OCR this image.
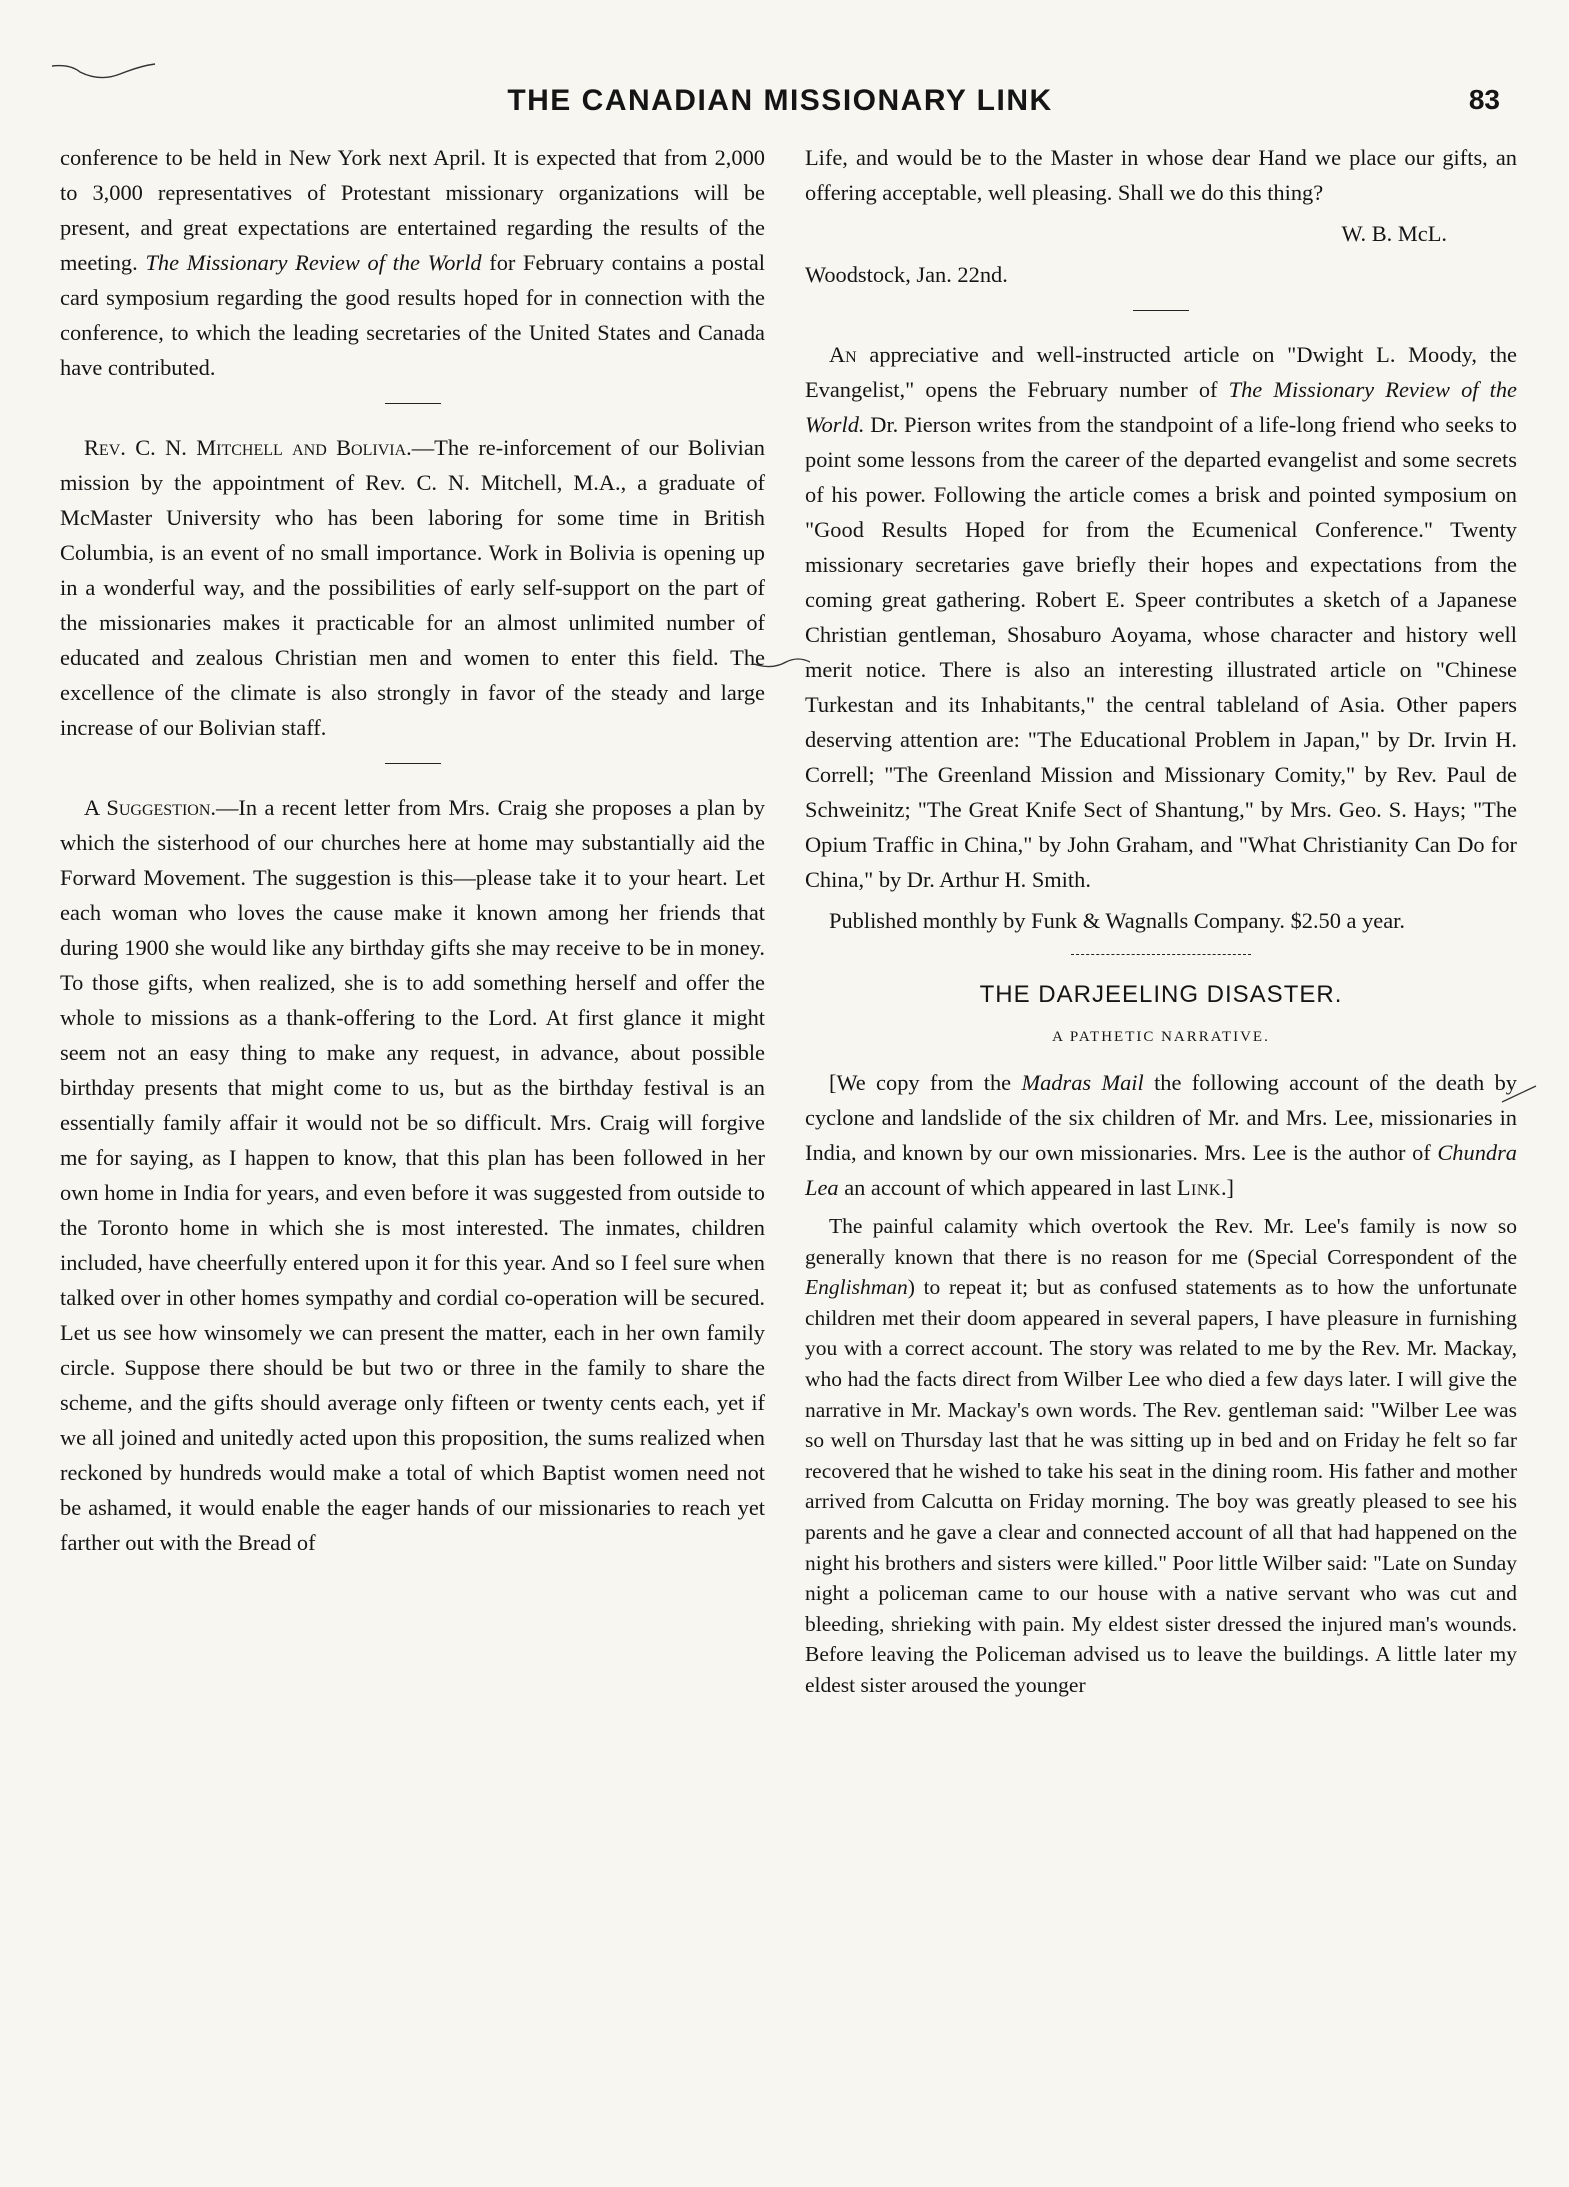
THE CANADIAN MISSIONARY LINK	83

conference to be held in New York next April. It is expected that from 2,000 to 3,000 representatives of Protestant missionary organizations will be present, and great expectations are entertained regarding the results of the meeting. The Missionary Review of the World for February contains a postal card symposium regarding the good results hoped for in connection with the conference, to which the leading secretaries of the United States and Canada have contributed.

Rev. C. N. Mitchell and Bolivia.—The re-inforcement of our Bolivian mission by the appointment of Rev. C. N. Mitchell, M.A., a graduate of McMaster University who has been laboring for some time in British Columbia, is an event of no small importance. Work in Bolivia is opening up in a wonderful way, and the possibilities of early self-support on the part of the missionaries makes it practicable for an almost unlimited number of educated and zealous Christian men and women to enter this field. The excellence of the climate is also strongly in favor of the steady and large increase of our Bolivian staff.

A Suggestion.—In a recent letter from Mrs. Craig she proposes a plan by which the sisterhood of our churches here at home may substantially aid the Forward Movement. The suggestion is this—please take it to your heart. Let each woman who loves the cause make it known among her friends that during 1900 she would like any birthday gifts she may receive to be in money. To those gifts, when realized, she is to add something herself and offer the whole to missions as a thank-offering to the Lord. At first glance it might seem not an easy thing to make any request, in advance, about possible birthday presents that might come to us, but as the birthday festival is an essentially family affair it would not be so difficult. Mrs. Craig will forgive me for saying, as I happen to know, that this plan has been followed in her own home in India for years, and even before it was suggested from outside to the Toronto home in which she is most interested. The inmates, children included, have cheerfully entered upon it for this year. And so I feel sure when talked over in other homes sympathy and cordial co-operation will be secured. Let us see how winsomely we can present the matter, each in her own family circle. Suppose there should be but two or three in the family to share the scheme, and the gifts should average only fifteen or twenty cents each, yet if we all joined and unitedly acted upon this proposition, the sums realized when reckoned by hundreds would make a total of which Baptist women need not be ashamed, it would enable the eager hands of our missionaries to reach yet farther out with the Bread of

Life, and would be to the Master in whose dear Hand we place our gifts, an offering acceptable, well pleasing. Shall we do this thing?

W. B. McL.

Woodstock, Jan. 22nd.

An appreciative and well-instructed article on "Dwight L. Moody, the Evangelist," opens the February number of The Missionary Review of the World. Dr. Pierson writes from the standpoint of a life-long friend who seeks to point some lessons from the career of the departed evangelist and some secrets of his power. Following the article comes a brisk and pointed symposium on "Good Results Hoped for from the Ecumenical Conference." Twenty missionary secretaries gave briefly their hopes and expectations from the coming great gathering. Robert E. Speer contributes a sketch of a Japanese Christian gentleman, Shosaburo Aoyama, whose character and history well merit notice. There is also an interesting illustrated article on "Chinese Turkestan and its Inhabitants," the central tableland of Asia. Other papers deserving attention are: "The Educational Problem in Japan," by Dr. Irvin H. Correll; "The Greenland Mission and Missionary Comity," by Rev. Paul de Schweinitz; "The Great Knife Sect of Shantung," by Mrs. Geo. S. Hays; "The Opium Traffic in China," by John Graham, and "What Christianity Can Do for China," by Dr. Arthur H. Smith.

Published monthly by Funk & Wagnalls Company. $2.50 a year.

THE DARJEELING DISASTER.
A PATHETIC NARRATIVE.

[We copy from the Madras Mail the following account of the death by cyclone and landslide of the six children of Mr. and Mrs. Lee, missionaries in India, and known by our own missionaries. Mrs. Lee is the author of Chundra Lea an account of which appeared in last Link.]

The painful calamity which overtook the Rev. Mr. Lee's family is now so generally known that there is no reason for me (Special Correspondent of the Englishman) to repeat it; but as confused statements as to how the unfortunate children met their doom appeared in several papers, I have pleasure in furnishing you with a correct account. The story was related to me by the Rev. Mr. Mackay, who had the facts direct from Wilber Lee who died a few days later. I will give the narrative in Mr. Mackay's own words. The Rev. gentleman said: "Wilber Lee was so well on Thursday last that he was sitting up in bed and on Friday he felt so far recovered that he wished to take his seat in the dining room. His father and mother arrived from Calcutta on Friday morning. The boy was greatly pleased to see his parents and he gave a clear and connected account of all that had happened on the night his brothers and sisters were killed." Poor little Wilber said: "Late on Sunday night a policeman came to our house with a native servant who was cut and bleeding, shrieking with pain. My eldest sister dressed the injured man's wounds. Before leaving the Policeman advised us to leave the buildings. A little later my eldest sister aroused the younger
